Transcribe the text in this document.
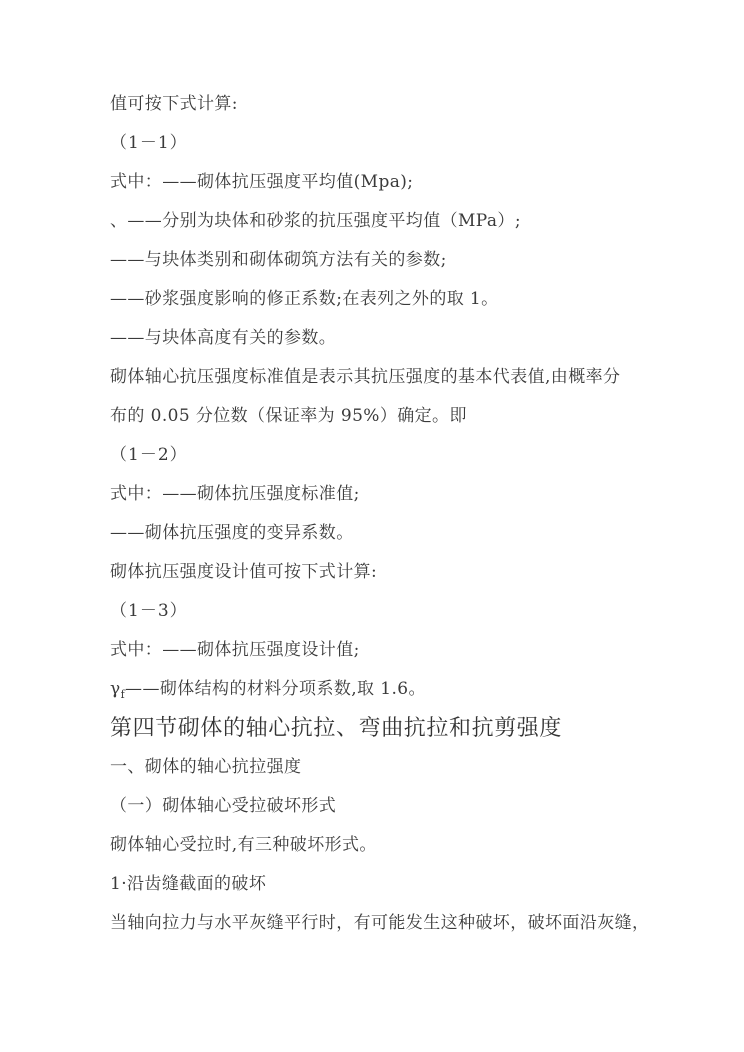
值可按下式计算:
（1－1）
式中：——砌体抗压强度平均值(Mpa);
、——分别为块体和砂浆的抗压强度平均值（MPa）;
——与块体类别和砌体砌筑方法有关的参数;
——砂浆强度影响的修正系数;在表列之外的取 1。
——与块体高度有关的参数。
砌体轴心抗压强度标准值是表示其抗压强度的基本代表值,由概率分
布的 0.05 分位数（保证率为 95%）确定。即
（1－2）
式中：——砌体抗压强度标准值;
——砌体抗压强度的变异系数。
砌体抗压强度设计值可按下式计算:
（1－3）
式中：——砌体抗压强度设计值;
$\gamma_f——$砌体结构的材料分项系数,取 1.6。
第四节砌体的轴心抗拉、弯曲抗拉和抗剪强度
一、砌体的轴心抗拉强度
（一）砌体轴心受拉破坏形式
砌体轴心受拉时,有三种破坏形式。
1·沿齿缝截面的破坏
当轴向拉力与水平灰缝平行时，有可能发生这种破坏，破坏面沿灰缝，
